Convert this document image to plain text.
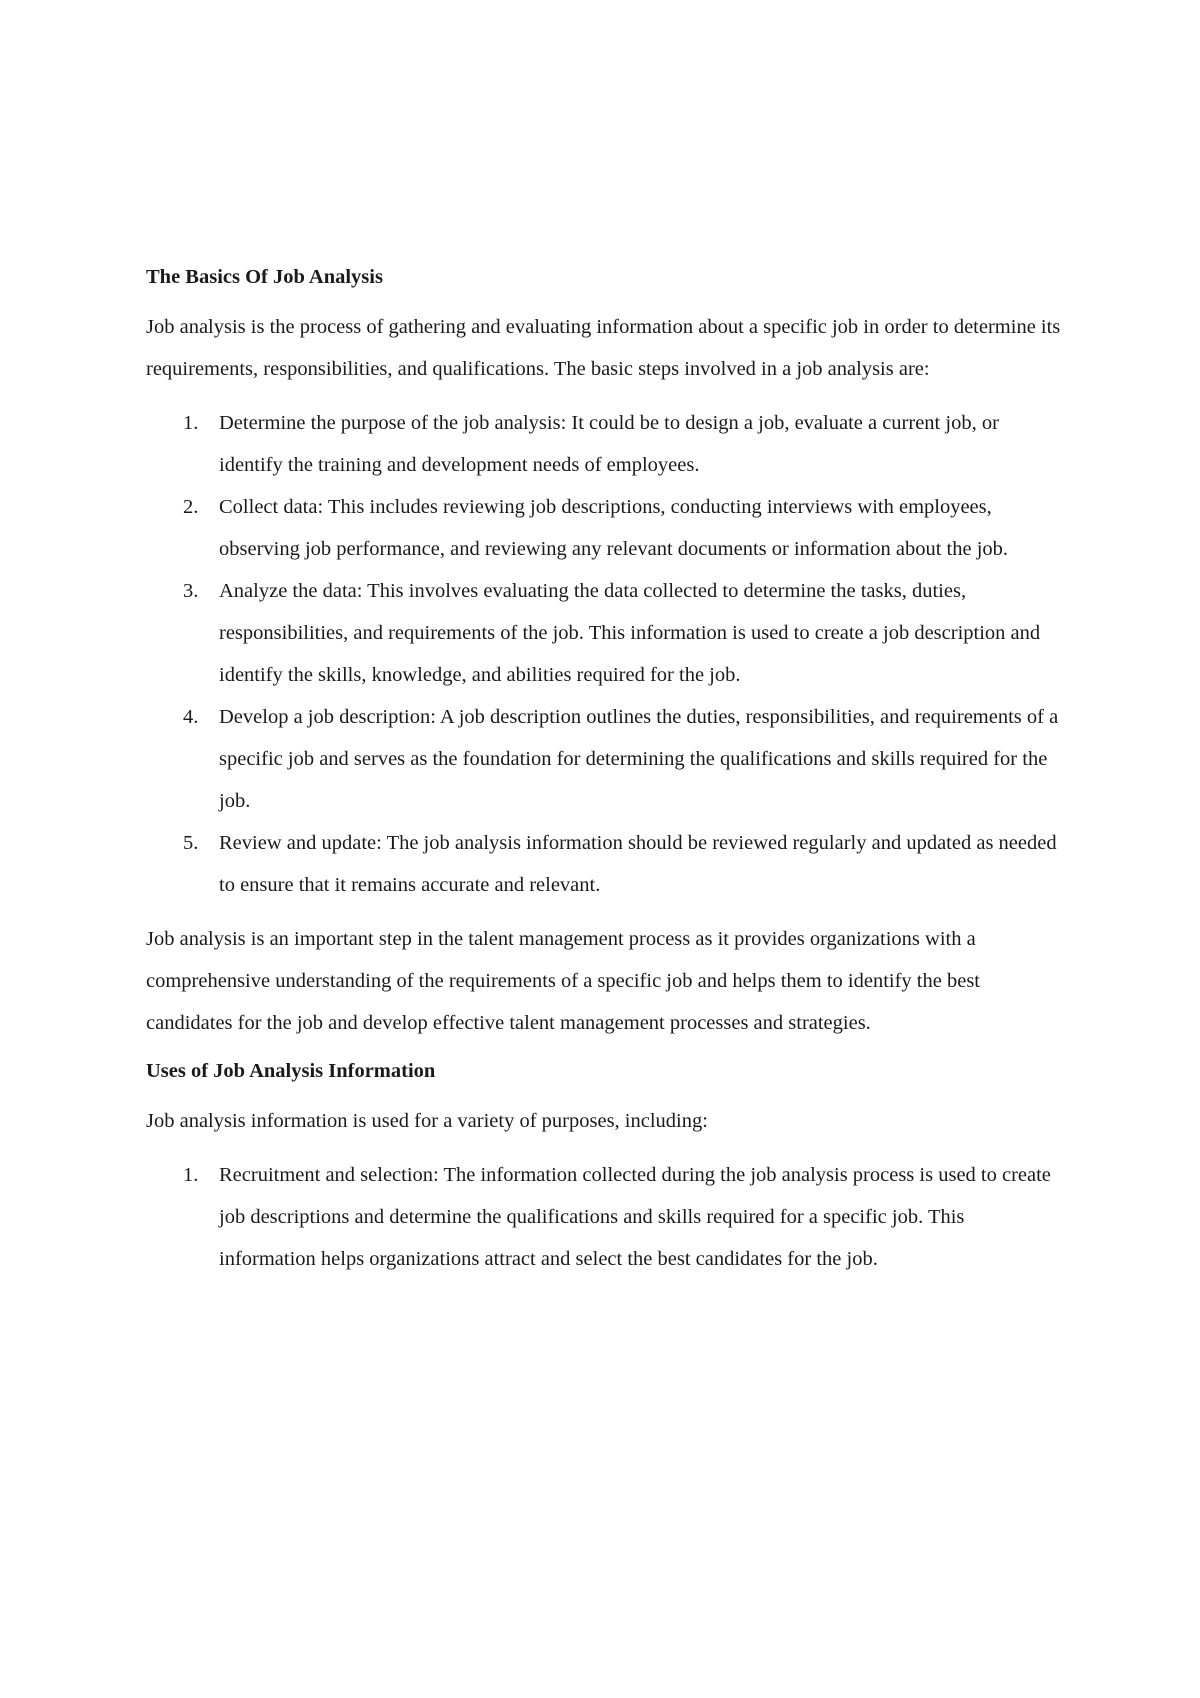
The Basics Of Job Analysis

Job analysis is the process of gathering and evaluating information about a specific job in order to determine its requirements, responsibilities, and qualifications. The basic steps involved in a job analysis are:

1. Determine the purpose of the job analysis: It could be to design a job, evaluate a current job, or identify the training and development needs of employees.
2. Collect data: This includes reviewing job descriptions, conducting interviews with employees, observing job performance, and reviewing any relevant documents or information about the job.
3. Analyze the data: This involves evaluating the data collected to determine the tasks, duties, responsibilities, and requirements of the job. This information is used to create a job description and identify the skills, knowledge, and abilities required for the job.
4. Develop a job description: A job description outlines the duties, responsibilities, and requirements of a specific job and serves as the foundation for determining the qualifications and skills required for the job.
5. Review and update: The job analysis information should be reviewed regularly and updated as needed to ensure that it remains accurate and relevant.

Job analysis is an important step in the talent management process as it provides organizations with a comprehensive understanding of the requirements of a specific job and helps them to identify the best candidates for the job and develop effective talent management processes and strategies.

Uses of Job Analysis Information

Job analysis information is used for a variety of purposes, including:

1. Recruitment and selection: The information collected during the job analysis process is used to create job descriptions and determine the qualifications and skills required for a specific job. This information helps organizations attract and select the best candidates for the job.
